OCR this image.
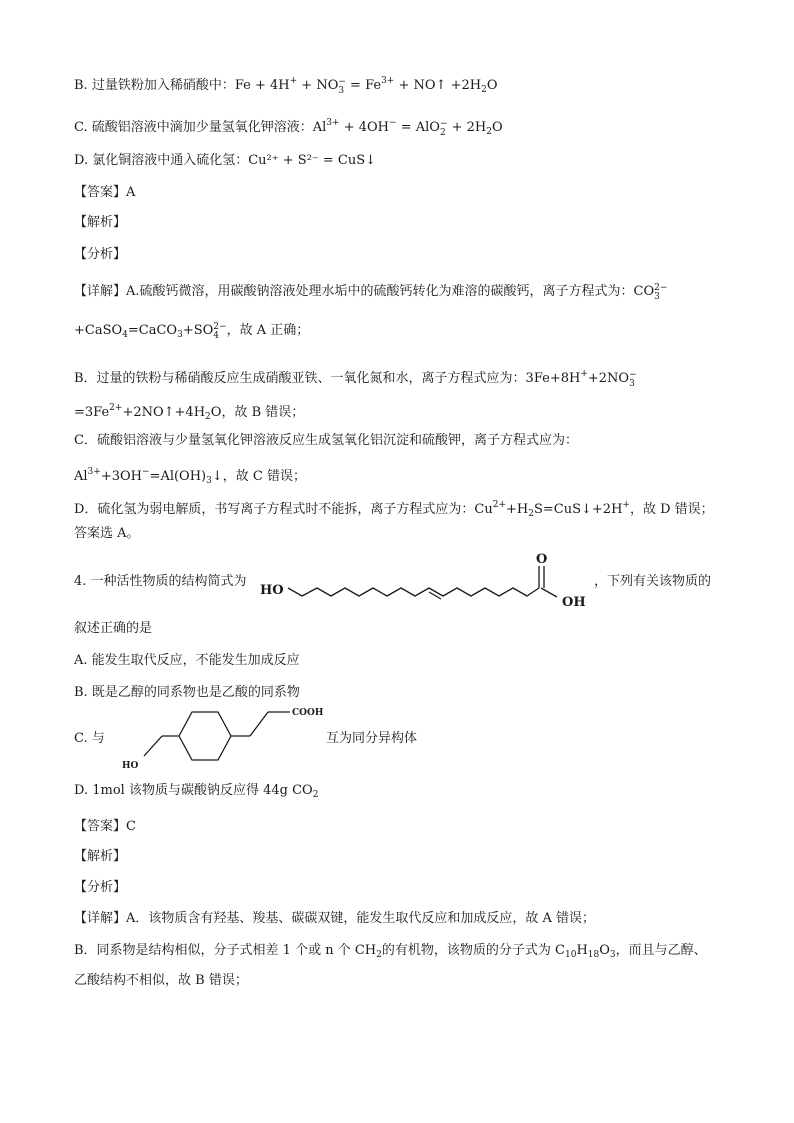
B. 过量铁粉加入稀硝酸中：Fe + 4H+ + NO −
$3 = Fe^{3+}$ + NO↑ $+2H_2O$
C. 硫酸铝溶液中滴加少量氢氧化钾溶液：$Al^{3+} + 4OH^-$ = AlO −
$2 + 2H_2O$
D. 氯化铜溶液中通入硫化氢：Cu²⁺ + S²⁻ = CuS↓
【答案】A
【解析】
【分析】
【详解】A.硫酸钙微溶，用碳酸钠溶液处理水垢中的硫酸钙转化为难溶的碳酸钙，离子方程式为：CO 2−
3
+CaSO$_4$=CaCO$_3$+SO 2−
4 ，故 A 正确；
B．过量的铁粉与稀硝酸反应生成硝酸亚铁、一氧化氮和水，离子方程式应为：3Fe+8H++2NO −
3
$=3Fe^{2+}+2NO↑+4H_2O$，故 B 错误；
C．硫酸铝溶液与少量氢氧化钾溶液反应生成氢氧化铝沉淀和硫酸钾，离子方程式应为：
$Al^{3+}+3OH^-=Al(OH)_3↓$，故 C 错误；
D．硫化氢为弱电解质，书写离子方程式时不能拆，离子方程式应为：$Cu^{2+}+H_2S=CuS↓+2H^+$，故 D 错误；
答案选 A。
4. 一种活性物质的结构简式为
HO
O
OH
，下列有关该物质的
叙述正确的是
A. 能发生取代反应，不能发生加成反应
B. 既是乙醇的同系物也是乙酸的同系物
C. 与
COOH
HO
互为同分异构体
D. 1mol 该物质与碳酸钠反应得 44g $CO_2$
【答案】C
【解析】
【分析】
【详解】A．该物质含有羟基、羧基、碳碳双键，能发生取代反应和加成反应，故 A 错误；
B．同系物是结构相似，分子式相差 1 个或 n 个 $CH_2$的有机物，该物质的分子式为 $C_{10}H_{18}O_3$，而且与乙醇、
乙酸结构不相似，故 B 错误；
